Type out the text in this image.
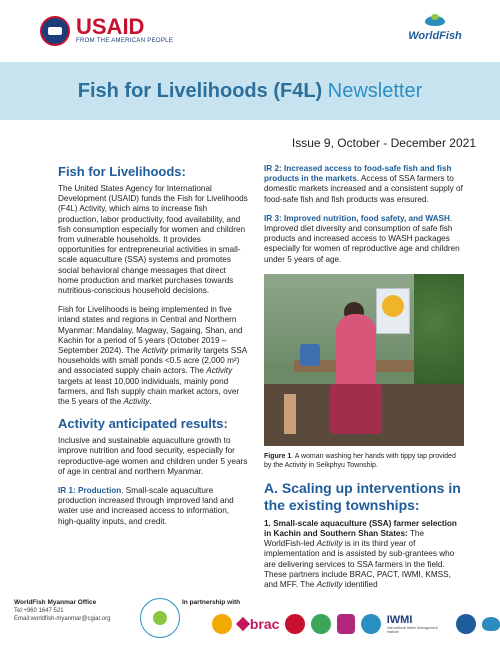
USAID
FROM THE AMERICAN PEOPLE	WorldFish
Fish for Livelihoods (F4L) Newsletter
Issue 9, October - December 2021
Fish for Livelihoods:

The United States Agency for International Development (USAID) funds the Fish for Livelihoods (F4L) Activity, which aims to increase fish production, labor productivity, food availability, and fish consumption especially for women and children from vulnerable households. It provides opportunities for entrepreneurial activities in small-scale aquaculture (SSA) systems and promotes social behavioral change messages that direct home production and market purchases towards nutritious-conscious household decisions.

Fish for Livelihoods is being implemented in five inland states and regions in Central and Northern Myanmar: Mandalay, Magway, Sagaing, Shan, and Kachin for a period of 5 years (October 2019 – September 2024). The Activity primarily targets SSA households with small ponds <0.5 acre (2,000 m²) and associated supply chain actors. The Activity targets at least 10,000 individuals, mainly pond farmers, and fish supply chain market actors, over the 5 years of the Activity.

Activity anticipated results:

Inclusive and sustainable aquaculture growth to improve nutrition and food security, especially for reproductive-age women and children under 5 years of age in central and northern Myanmar.

IR 1: Production. Small-scale aquaculture production increased through improved land and water use and increased access to information, high-quality inputs, and credit.

IR 2: Increased access to food-safe fish and fish products in the markets. Access of SSA farmers to domestic markets increased and a consistent supply of food-safe fish and fish products was ensured.

IR 3: Improved nutrition, food safety, and WASH. Improved diet diversity and consumption of safe fish products and increased access to WASH packages especially for women of reproductive age and children under 5 years of age.

Figure 1. A woman washing her hands with tippy tap provided by the Activity in Seikphyu Township.

A. Scaling up interventions in the existing townships:

1. Small-scale aquaculture (SSA) farmer selection in Kachin and Southern Shan States: The WorldFish-led Activity is in its third year of implementation and is assisted by sub-grantees who are delivering services to SSA farmers in the field. These partners include BRAC, PACT, IWMI, KMSS, and MFF. The Activity identified

WorldFish Myanmar Office
Tel:+960 1647 521
Email:worldfish-myanmar@cgiar.org
In partnership with
brac	IWMI
International Water Management Institute
